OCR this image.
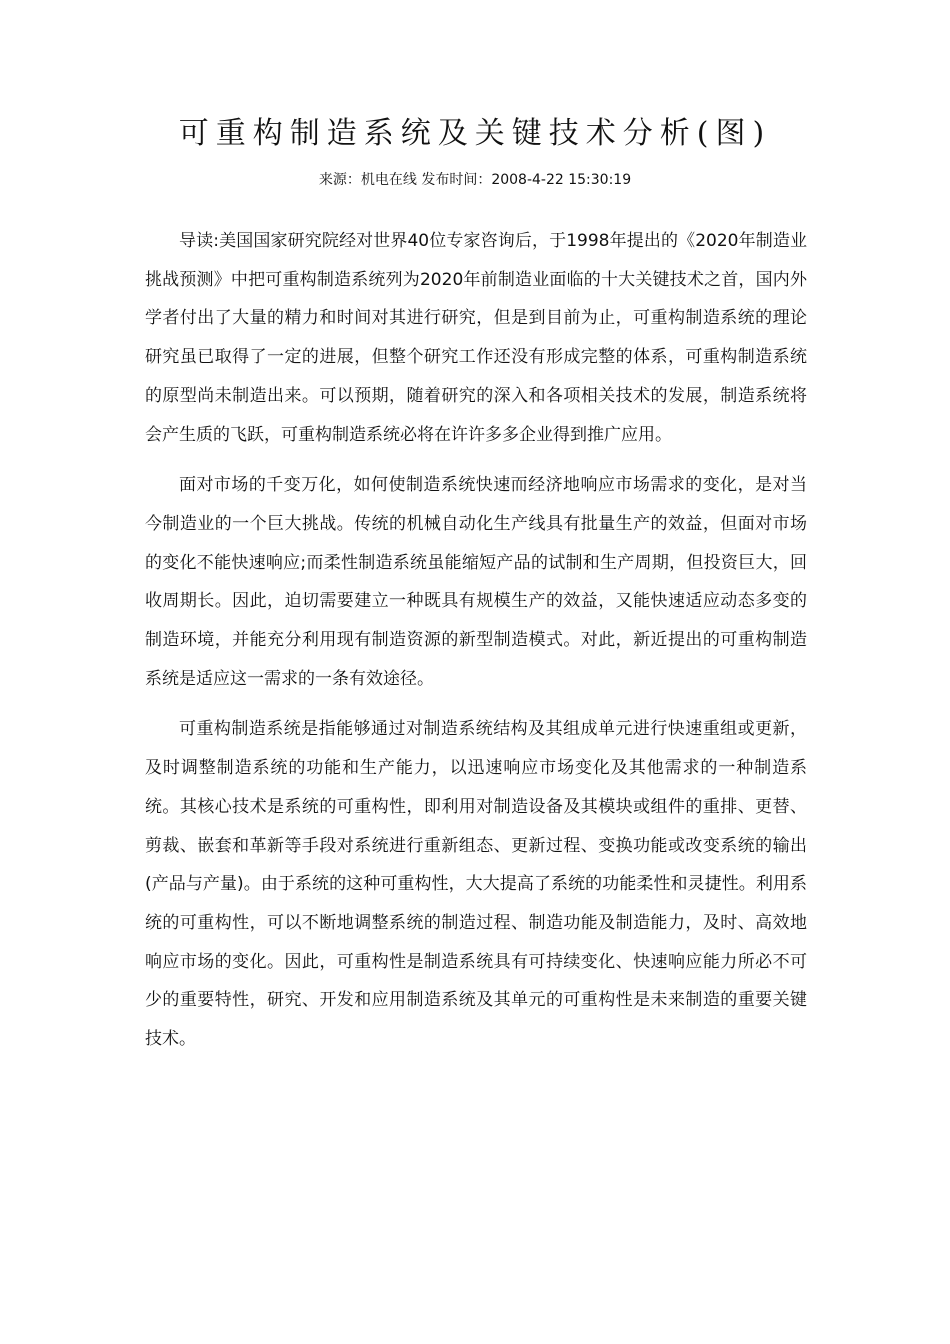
可重构制造系统及关键技术分析(图)
来源：机电在线 发布时间：2008-4-22 15:30:19

导读:美国国家研究院经对世界40位专家咨询后，于1998年提出的《2020年制造业挑战预测》中把可重构制造系统列为2020年前制造业面临的十大关键技术之首，国内外学者付出了大量的精力和时间对其进行研究，但是到目前为止，可重构制造系统的理论研究虽已取得了一定的进展，但整个研究工作还没有形成完整的体系，可重构制造系统的原型尚未制造出来。可以预期，随着研究的深入和各项相关技术的发展，制造系统将会产生质的飞跃，可重构制造系统必将在许许多多企业得到推广应用。

面对市场的千变万化，如何使制造系统快速而经济地响应市场需求的变化，是对当今制造业的一个巨大挑战。传统的机械自动化生产线具有批量生产的效益，但面对市场的变化不能快速响应;而柔性制造系统虽能缩短产品的试制和生产周期，但投资巨大，回收周期长。因此，迫切需要建立一种既具有规模生产的效益，又能快速适应动态多变的制造环境，并能充分利用现有制造资源的新型制造模式。对此，新近提出的可重构制造系统是适应这一需求的一条有效途径。

可重构制造系统是指能够通过对制造系统结构及其组成单元进行快速重组或更新，及时调整制造系统的功能和生产能力，以迅速响应市场变化及其他需求的一种制造系统。其核心技术是系统的可重构性，即利用对制造设备及其模块或组件的重排、更替、剪裁、嵌套和革新等手段对系统进行重新组态、更新过程、变换功能或改变系统的输出(产品与产量)。由于系统的这种可重构性，大大提高了系统的功能柔性和灵捷性。利用系统的可重构性，可以不断地调整系统的制造过程、制造功能及制造能力，及时、高效地响应市场的变化。因此，可重构性是制造系统具有可持续变化、快速响应能力所必不可少的重要特性，研究、开发和应用制造系统及其单元的可重构性是未来制造的重要关键技术。
